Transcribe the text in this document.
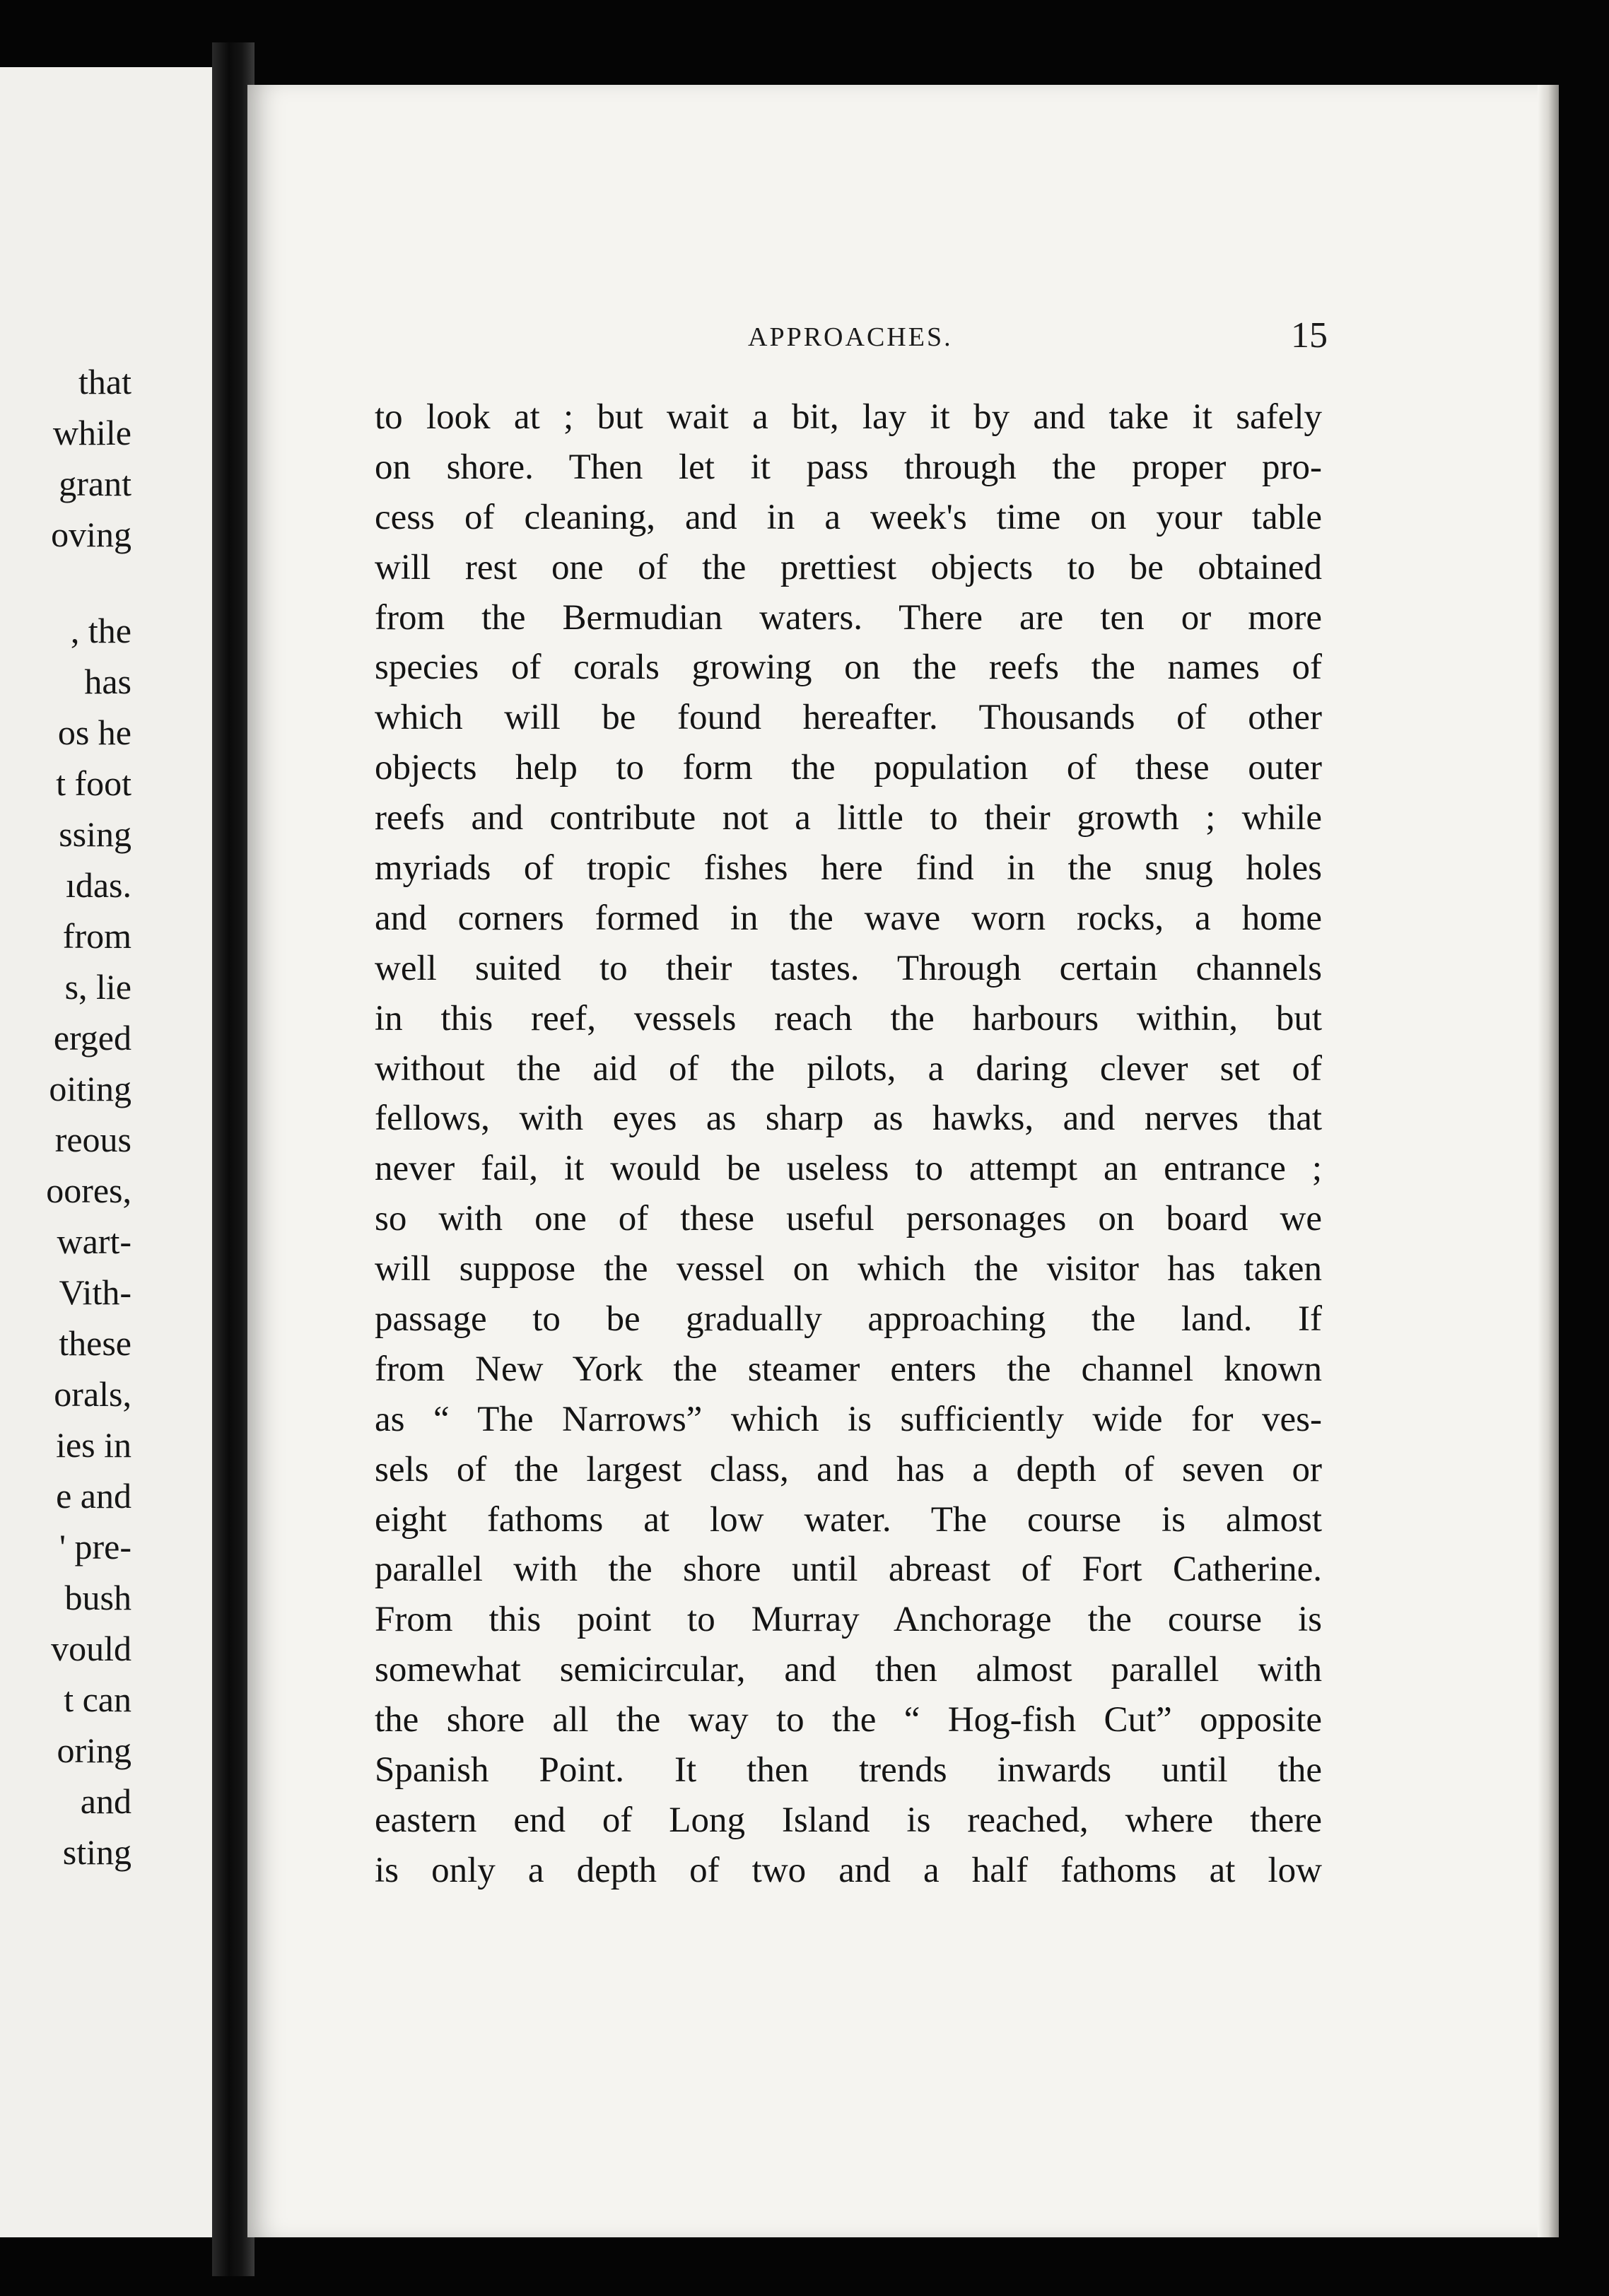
that
while
grant
oving
, the
has
os he
t foot
ssing
ıdas.
from
s, lie
erged
oiting
reous
oores,
wart-
Vith-
these
orals,
ies in
e and
' pre-
bush
vould
t can
oring
and
sting
APPROACHES.	15
to look at ; but wait a bit, lay it by and take it safely
on shore. Then let it pass through the proper pro-
cess of cleaning, and in a week's time on your table
will rest one of the prettiest objects to be obtained
from the Bermudian waters. There are ten or more
species of corals growing on the reefs the names of
which will be found hereafter. Thousands of other
objects help to form the population of these outer
reefs and contribute not a little to their growth ; while
myriads of tropic fishes here find in the snug holes
and corners formed in the wave worn rocks, a home
well suited to their tastes. Through certain channels
in this reef, vessels reach the harbours within, but
without the aid of the pilots, a daring clever set of
fellows, with eyes as sharp as hawks, and nerves that
never fail, it would be useless to attempt an entrance ;
so with one of these useful personages on board we
will suppose the vessel on which the visitor has taken
passage to be gradually approaching the land. If
from New York the steamer enters the channel known
as “ The Narrows” which is sufficiently wide for ves-
sels of the largest class, and has a depth of seven or
eight fathoms at low water. The course is almost
parallel with the shore until abreast of Fort Catherine.
From this point to Murray Anchorage the course is
somewhat semicircular, and then almost parallel with
the shore all the way to the “ Hog-fish Cut” opposite
Spanish Point. It then trends inwards until the
eastern end of Long Island is reached, where there
is only a depth of two and a half fathoms at low
